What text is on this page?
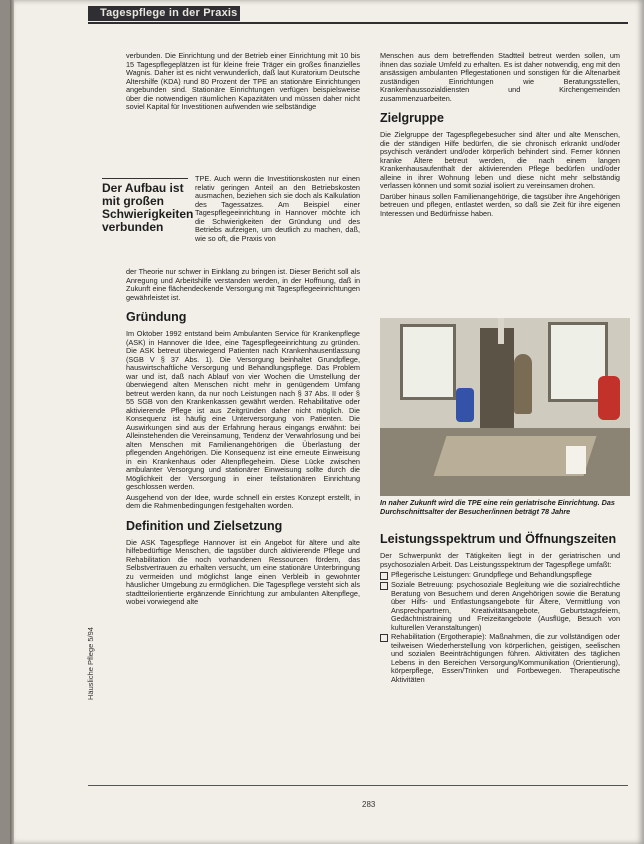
Tagespflege in der Praxis

verbunden. Die Einrichtung und der Betrieb einer Einrichtung mit 10 bis 15 Tagespflegeplätzen ist für kleine freie Träger ein großes finanzielles Wagnis. Daher ist es nicht verwunderlich, daß laut Kuratorium Deutsche Altershilfe (KDA) rund 80 Prozent der TPE an stationäre Einrichtungen angebunden sind. Stationäre Einrichtungen verfügen beispielsweise über die notwendigen räumlichen Kapazitäten und müssen daher nicht soviel Kapital für Investitionen aufwenden wie selbständige

Der Aufbau ist mit großen Schwierigkeiten verbunden
TPE. Auch wenn die Investitionskosten nur einen relativ geringen Anteil an den Betriebskosten ausmachen, beziehen sich sie doch als Kalkulation des Tagessatzes. Am Beispiel einer Tagespflegeeinrichtung in Hannover möchte ich die Schwierigkeiten der Gründung und des Betriebs aufzeigen, um deutlich zu machen, daß, wie so oft, die Praxis von

der Theorie nur schwer in Einklang zu bringen ist. Dieser Bericht soll als Anregung und Arbeitshilfe verstanden werden, in der Hoffnung, daß in Zukunft eine flächendeckende Versorgung mit Tagespflegeeinrichtungen gewährleistet ist.

Gründung

Im Oktober 1992 entstand beim Ambulanten Service für Krankenpflege (ASK) in Hannover die Idee, eine Tagespflegeeinrichtung zu gründen. Die ASK betreut überwiegend Patienten nach Krankenhausentlassung (SGB V § 37 Abs. 1). Die Versorgung beinhaltet Grundpflege, hauswirtschaftliche Versorgung und Behandlungspflege. Das Problem war und ist, daß nach Ablauf von vier Wochen die Umstellung der überwiegend alten Menschen nicht mehr in genügendem Umfang betreut werden kann, da nur noch Leistungen nach § 37 Abs. II oder § 55 SGB von den Krankenkassen gewährt werden. Rehabilitative oder aktivierende Pflege ist aus Zeitgründen daher nicht möglich. Die Konsequenz ist häufig eine Unterversorgung von Patienten. Die Auswirkungen sind aus der Erfahrung heraus eingangs erwähnt: bei Alleinstehenden die Vereinsamung, Tendenz der Verwahrlosung und bei alten Menschen mit Familienangehörigen die Überlastung der pflegenden Angehörigen. Die Konsequenz ist eine erneute Einweisung in ein Krankenhaus oder Altenpflegeheim. Diese Lücke zwischen ambulanter Versorgung und stationärer Einweisung sollte durch die Möglichkeit der Versorgung in einer teilstationären Einrichtung geschlossen werden.

Ausgehend von der Idee, wurde schnell ein erstes Konzept erstellt, in dem die Rahmenbedingungen festgehalten worden.

Definition und Zielsetzung

Die ASK Tagespflege Hannover ist ein Angebot für ältere und alte hilfebedürftige Menschen, die tagsüber durch aktivierende Pflege und Rehabilitation die noch vorhandenen Ressourcen fördern, das Selbstvertrauen zu erhalten versucht, um eine stationäre Unterbringung zu vermeiden und möglichst lange einen Verbleib in gewohnter häuslicher Umgebung zu ermöglichen. Die Tagespflege versteht sich als stadtteilorientierte ergänzende Einrichtung zur ambulanten Altenpflege, wobei vorwiegend alte

Menschen aus dem betreffenden Stadtteil betreut werden sollen, um ihnen das soziale Umfeld zu erhalten. Es ist daher notwendig, eng mit den ansässigen ambulanten Pflegestationen und sonstigen für die Altenarbeit zuständigen Einrichtungen wie Beratungsstellen, Krankenhaussozialdiensten und Kirchengemeinden zusammenzuarbeiten.

Zielgruppe

Die Zielgruppe der Tagespflegebesucher sind älter und alte Menschen, die der ständigen Hilfe bedürfen, die sie chronisch erkrankt und/oder psychisch verändert und/oder körperlich behindert sind. Ferner können kranke Ältere betreut werden, die nach einem langen Krankenhausaufenthalt der aktivierenden Pflege bedürfen und/oder alleine in ihrer Wohnung leben und diese nicht mehr selbständig verlassen können und somit sozial isoliert zu vereinsamen drohen.

Darüber hinaus sollen Familienangehörige, die tagsüber ihre Angehörigen betreuen und pflegen, entlastet werden, so daß sie Zeit für ihre eigenen Interessen und Bedürfnisse haben.

In naher Zukunft wird die TPE eine rein geriatrische Einrichtung. Das Durchschnittsalter der Besucher/innen beträgt 78 Jahre
Leistungsspektrum und Öffnungszeiten

Der Schwerpunkt der Tätigkeiten liegt in der geriatrischen und psychosozialen Arbeit. Das Leistungsspektrum der Tagespflege umfaßt:

Pflegerische Leistungen: Grundpflege und Behandlungspflege
Soziale Betreuung: psychosoziale Begleitung wie die sozialrechtliche Beratung von Besuchern und deren Angehörigen sowie die Beratung über Hilfs- und Entlastungsangebote für Ältere, Vermittlung von Ansprechpartnern, Kreativitätsangebote, Geburtstagsfeiern, Gedächtnistraining und Freizeitangebote (Ausflüge, Besuch von kulturellen Veranstaltungen)
Rehabilitation (Ergotherapie): Maßnahmen, die zur vollständigen oder teilweisen Wiederherstellung von körperlichen, geistigen, seelischen und sozialen Beeinträchtigungen führen. Aktivitäten des täglichen Lebens in den Bereichen Versorgung/Kommunikation (Orientierung), körperpflege, Essen/Trinken und Fortbewegen. Therapeutische Aktivitäten
Häusliche Pflege 5/94
283
